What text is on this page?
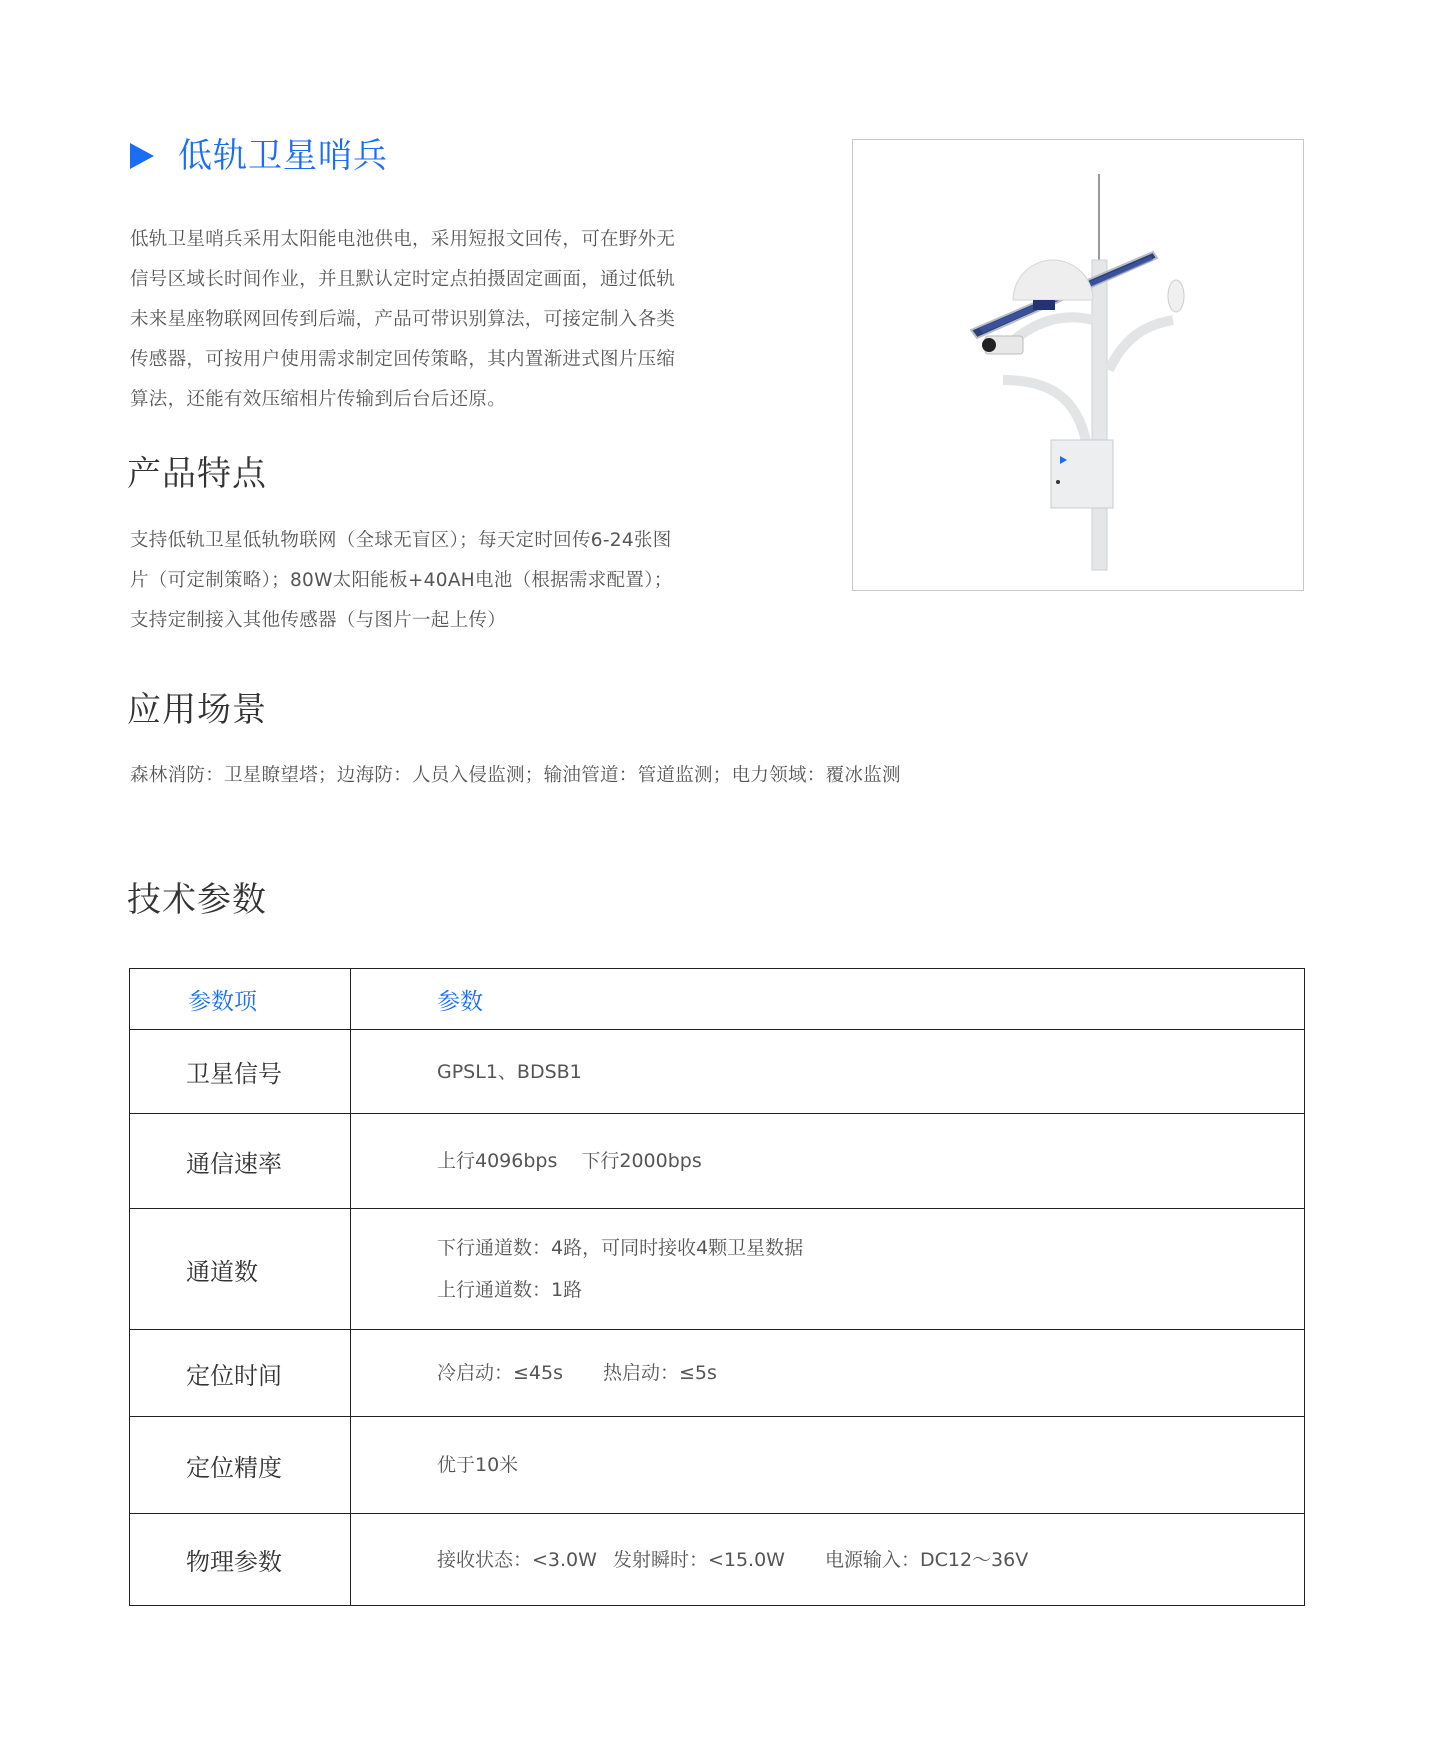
低轨卫星哨兵
低轨卫星哨兵采用太阳能电池供电，采用短报文回传，可在野外无
信号区域长时间作业，并且默认定时定点拍摄固定画面，通过低轨
未来星座物联网回传到后端，产品可带识别算法，可接定制入各类
传感器，可按用户使用需求制定回传策略，其内置渐进式图片压缩
算法，还能有效压缩相片传输到后台后还原。
产品特点
支持低轨卫星低轨物联网（全球无盲区）；每天定时回传6-24张图
片（可定制策略）；80W太阳能板+40AH电池（根据需求配置）；
支持定制接入其他传感器（与图片一起上传）
应用场景
森林消防：卫星瞭望塔；边海防：人员入侵监测；输油管道：管道监测；电力领域：覆冰监测
技术参数
参数项	参数
卫星信号	GPSL1、BDSB1
通信速率	上行4096bps 下行2000bps
通道数	下行通道数：4路，可同时接收4颗卫星数据
上行通道数：1路

定位时间	冷启动：≤45s 热启动：≤5s
定位精度	优于10米
物理参数	接收状态：<3.0W 发射瞬时：<15.0W 电源输入：DC12～36V
